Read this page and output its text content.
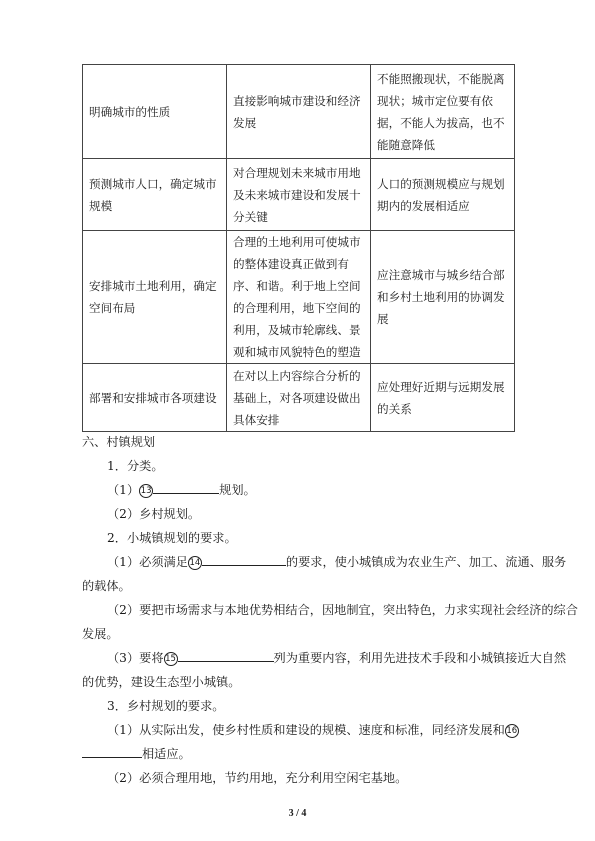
明确城市的性质	直接影响城市建设和经济发展	不能照搬现状，不能脱离现状；城市定位要有依据，不能人为拔高，也不能随意降低
预测城市人口，确定城市规模	对合理规划未来城市用地及未来城市建设和发展十分关键	人口的预测规模应与规划期内的发展相适应
安排城市土地利用，确定空间布局	合理的土地利用可使城市的整体建设真正做到有序、和谐。利于地上空间的合理利用，地下空间的利用，及城市轮廓线、景观和城市风貌特色的塑造	应注意城市与城乡结合部和乡村土地利用的协调发展
部署和安排城市各项建设	在对以上内容综合分析的基础上，对各项建设做出具体安排	应处理好近期与远期发展的关系
六、村镇规划
1．分类。
（1） 13	规划。
（2）乡村规划。
2．小城镇规划的要求。
（1）必须满足 14	的要求，使小城镇成为农业生产、加工、流通、服务
的载体。
（2）要把市场需求与本地优势相结合，因地制宜，突出特色，力求实现社会经济的综合
发展。
（3）要将 15	列为重要内容，利用先进技术手段和小城镇接近大自然
的优势，建设生态型小城镇。
3．乡村规划的要求。
（1）从实际出发，使乡村性质和建设的规模、速度和标准，同经济发展和 16
相适应。
（2）必须合理用地，节约用地，充分利用空闲宅基地。
3 / 4
